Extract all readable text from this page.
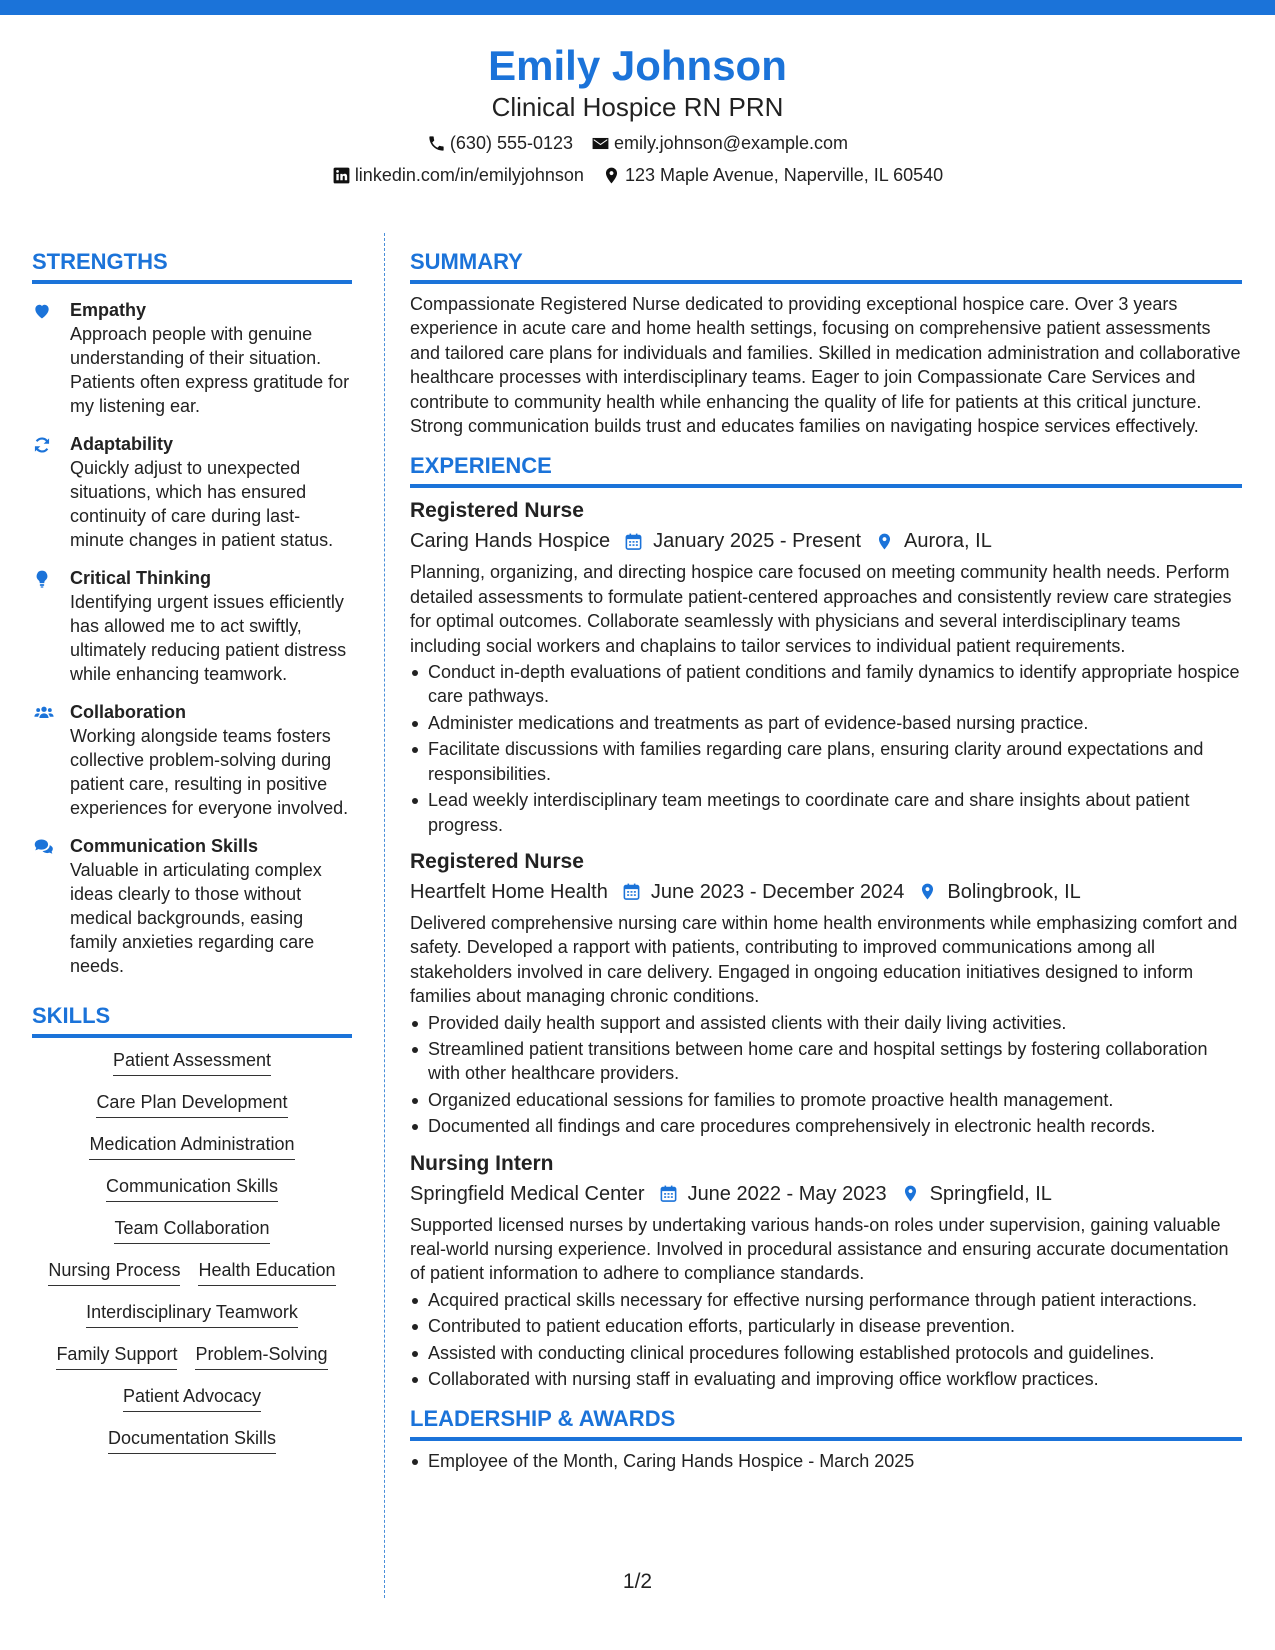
Emily Johnson
Clinical Hospice RN PRN
(630) 555-0123 emily.johnson@example.com
linkedin.com/in/emilyjohnson 123 Maple Avenue, Naperville, IL 60540
STRENGTHS
Empathy
Approach people with genuine understanding of their situation. Patients often express gratitude for my listening ear.
Adaptability
Quickly adjust to unexpected situations, which has ensured continuity of care during last-minute changes in patient status.
Critical Thinking
Identifying urgent issues efficiently has allowed me to act swiftly, ultimately reducing patient distress while enhancing teamwork.
Collaboration
Working alongside teams fosters collective problem-solving during patient care, resulting in positive experiences for everyone involved.
Communication Skills
Valuable in articulating complex ideas clearly to those without medical backgrounds, easing family anxieties regarding care needs.
SKILLS
Patient Assessment
Care Plan Development
Medication Administration
Communication Skills
Team Collaboration
Nursing Process Health Education
Interdisciplinary Teamwork
Family Support Problem-Solving
Patient Advocacy
Documentation Skills
SUMMARY
Compassionate Registered Nurse dedicated to providing exceptional hospice care. Over 3 years experience in acute care and home health settings, focusing on comprehensive patient assessments and tailored care plans for individuals and families. Skilled in medication administration and collaborative healthcare processes with interdisciplinary teams. Eager to join Compassionate Care Services and contribute to community health while enhancing the quality of life for patients at this critical juncture. Strong communication builds trust and educates families on navigating hospice services effectively.
EXPERIENCE
Registered Nurse
Caring Hands Hospice January 2025 - Present Aurora, IL
Planning, organizing, and directing hospice care focused on meeting community health needs. Perform detailed assessments to formulate patient-centered approaches and consistently review care strategies for optimal outcomes. Collaborate seamlessly with physicians and several interdisciplinary teams including social workers and chaplains to tailor services to individual patient requirements.
Conduct in-depth evaluations of patient conditions and family dynamics to identify appropriate hospice care pathways.
Administer medications and treatments as part of evidence-based nursing practice.
Facilitate discussions with families regarding care plans, ensuring clarity around expectations and responsibilities.
Lead weekly interdisciplinary team meetings to coordinate care and share insights about patient progress.
Registered Nurse
Heartfelt Home Health June 2023 - December 2024 Bolingbrook, IL
Delivered comprehensive nursing care within home health environments while emphasizing comfort and safety. Developed a rapport with patients, contributing to improved communications among all stakeholders involved in care delivery. Engaged in ongoing education initiatives designed to inform families about managing chronic conditions.
Provided daily health support and assisted clients with their daily living activities.
Streamlined patient transitions between home care and hospital settings by fostering collaboration with other healthcare providers.
Organized educational sessions for families to promote proactive health management.
Documented all findings and care procedures comprehensively in electronic health records.
Nursing Intern
Springfield Medical Center June 2022 - May 2023 Springfield, IL
Supported licensed nurses by undertaking various hands-on roles under supervision, gaining valuable real-world nursing experience. Involved in procedural assistance and ensuring accurate documentation of patient information to adhere to compliance standards.
Acquired practical skills necessary for effective nursing performance through patient interactions.
Contributed to patient education efforts, particularly in disease prevention.
Assisted with conducting clinical procedures following established protocols and guidelines.
Collaborated with nursing staff in evaluating and improving office workflow practices.
LEADERSHIP & AWARDS
Employee of the Month, Caring Hands Hospice - March 2025
1/2
